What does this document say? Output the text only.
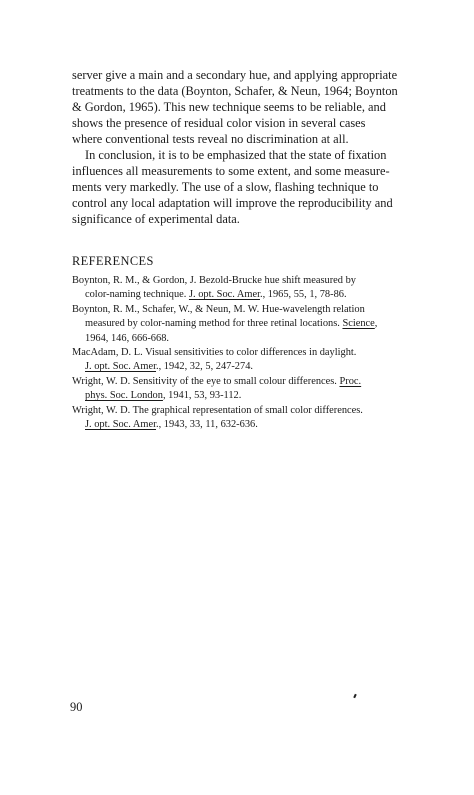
server give a main and a secondary hue, and applying appropriate
treatments to the data (Boynton, Schafer, & Neun, 1964; Boynton
& Gordon, 1965). This new technique seems to be reliable, and
shows the presence of residual color vision in several cases
where conventional tests reveal no discrimination at all.

In conclusion, it is to be emphasized that the state of fixation
influences all measurements to some extent, and some measure-
ments very markedly. The use of a slow, flashing technique to
control any local adaptation will improve the reproducibility and
significance of experimental data.

REFERENCES

Boynton, R. M., & Gordon, J. Bezold-Brucke hue shift measured by
color-naming technique. J. opt. Soc. Amer., 1965, 55, 1, 78-86.

Boynton, R. M., Schafer, W., & Neun, M. W. Hue-wavelength relation
measured by color-naming method for three retinal locations. Science,
1964, 146, 666-668.

MacAdam, D. L. Visual sensitivities to color differences in daylight.
J. opt. Soc. Amer., 1942, 32, 5, 247-274.

Wright, W. D. Sensitivity of the eye to small colour differences. Proc.
phys. Soc. London, 1941, 53, 93-112.

Wright, W. D. The graphical representation of small color differences.
J. opt. Soc. Amer., 1943, 33, 11, 632-636.

90
